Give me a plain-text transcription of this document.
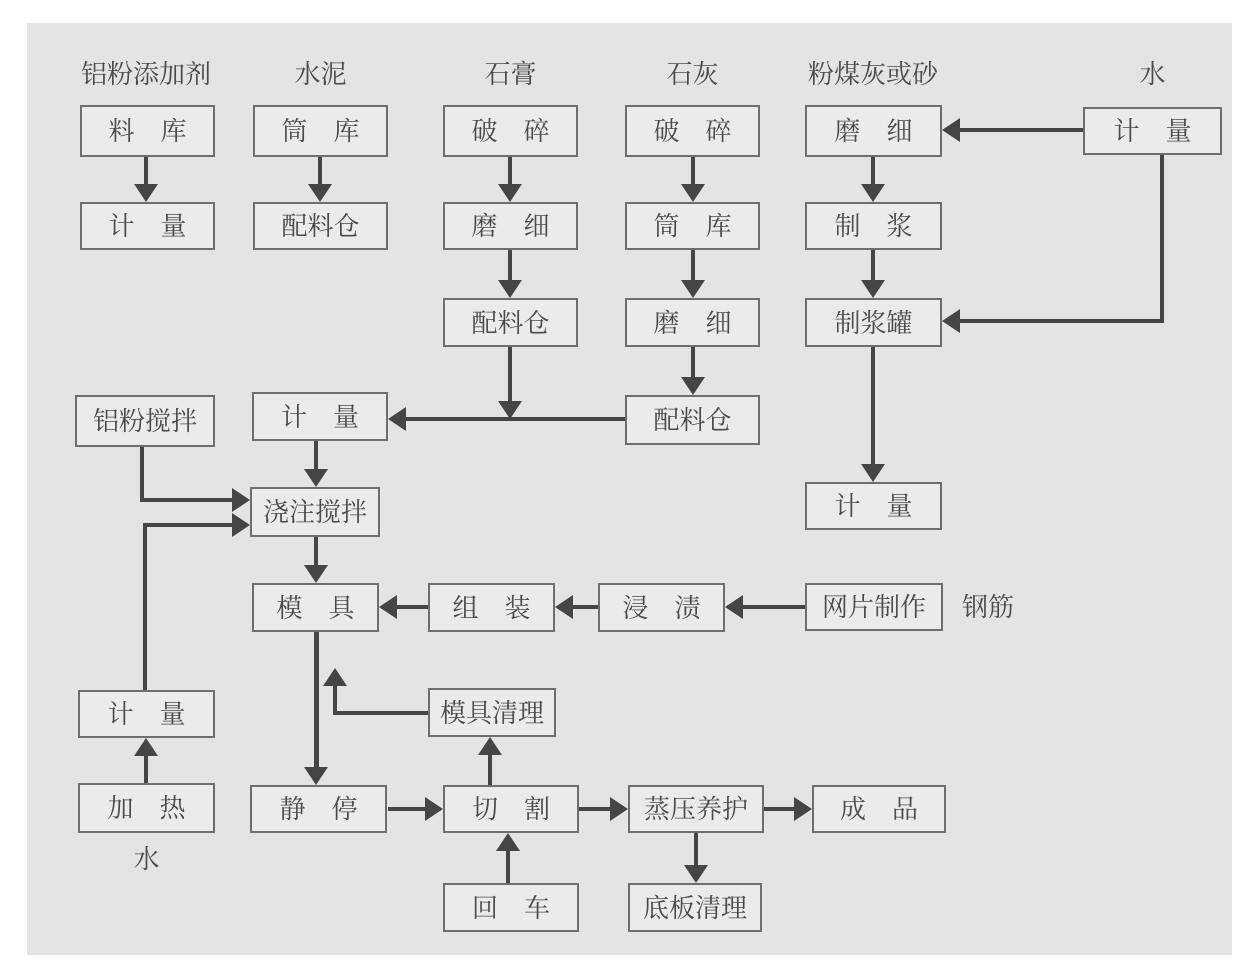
铝粉添加剂	水泥	石膏	石灰	粉煤灰或砂	水
钢筋
水
料　库
计　量
筒　库
配料仓
破　碎
磨　细
配料仓
破　碎
筒　库
磨　细
配料仓
磨　细
制　浆
制浆罐
计　量
计　量
铝粉搅拌	计　量
浇注搅拌
模　具	组　装	浸　渍	网片制作
计　量	模具清理
加　热	静　停	切　割	蒸压养护	成　品
回　车	底板清理
